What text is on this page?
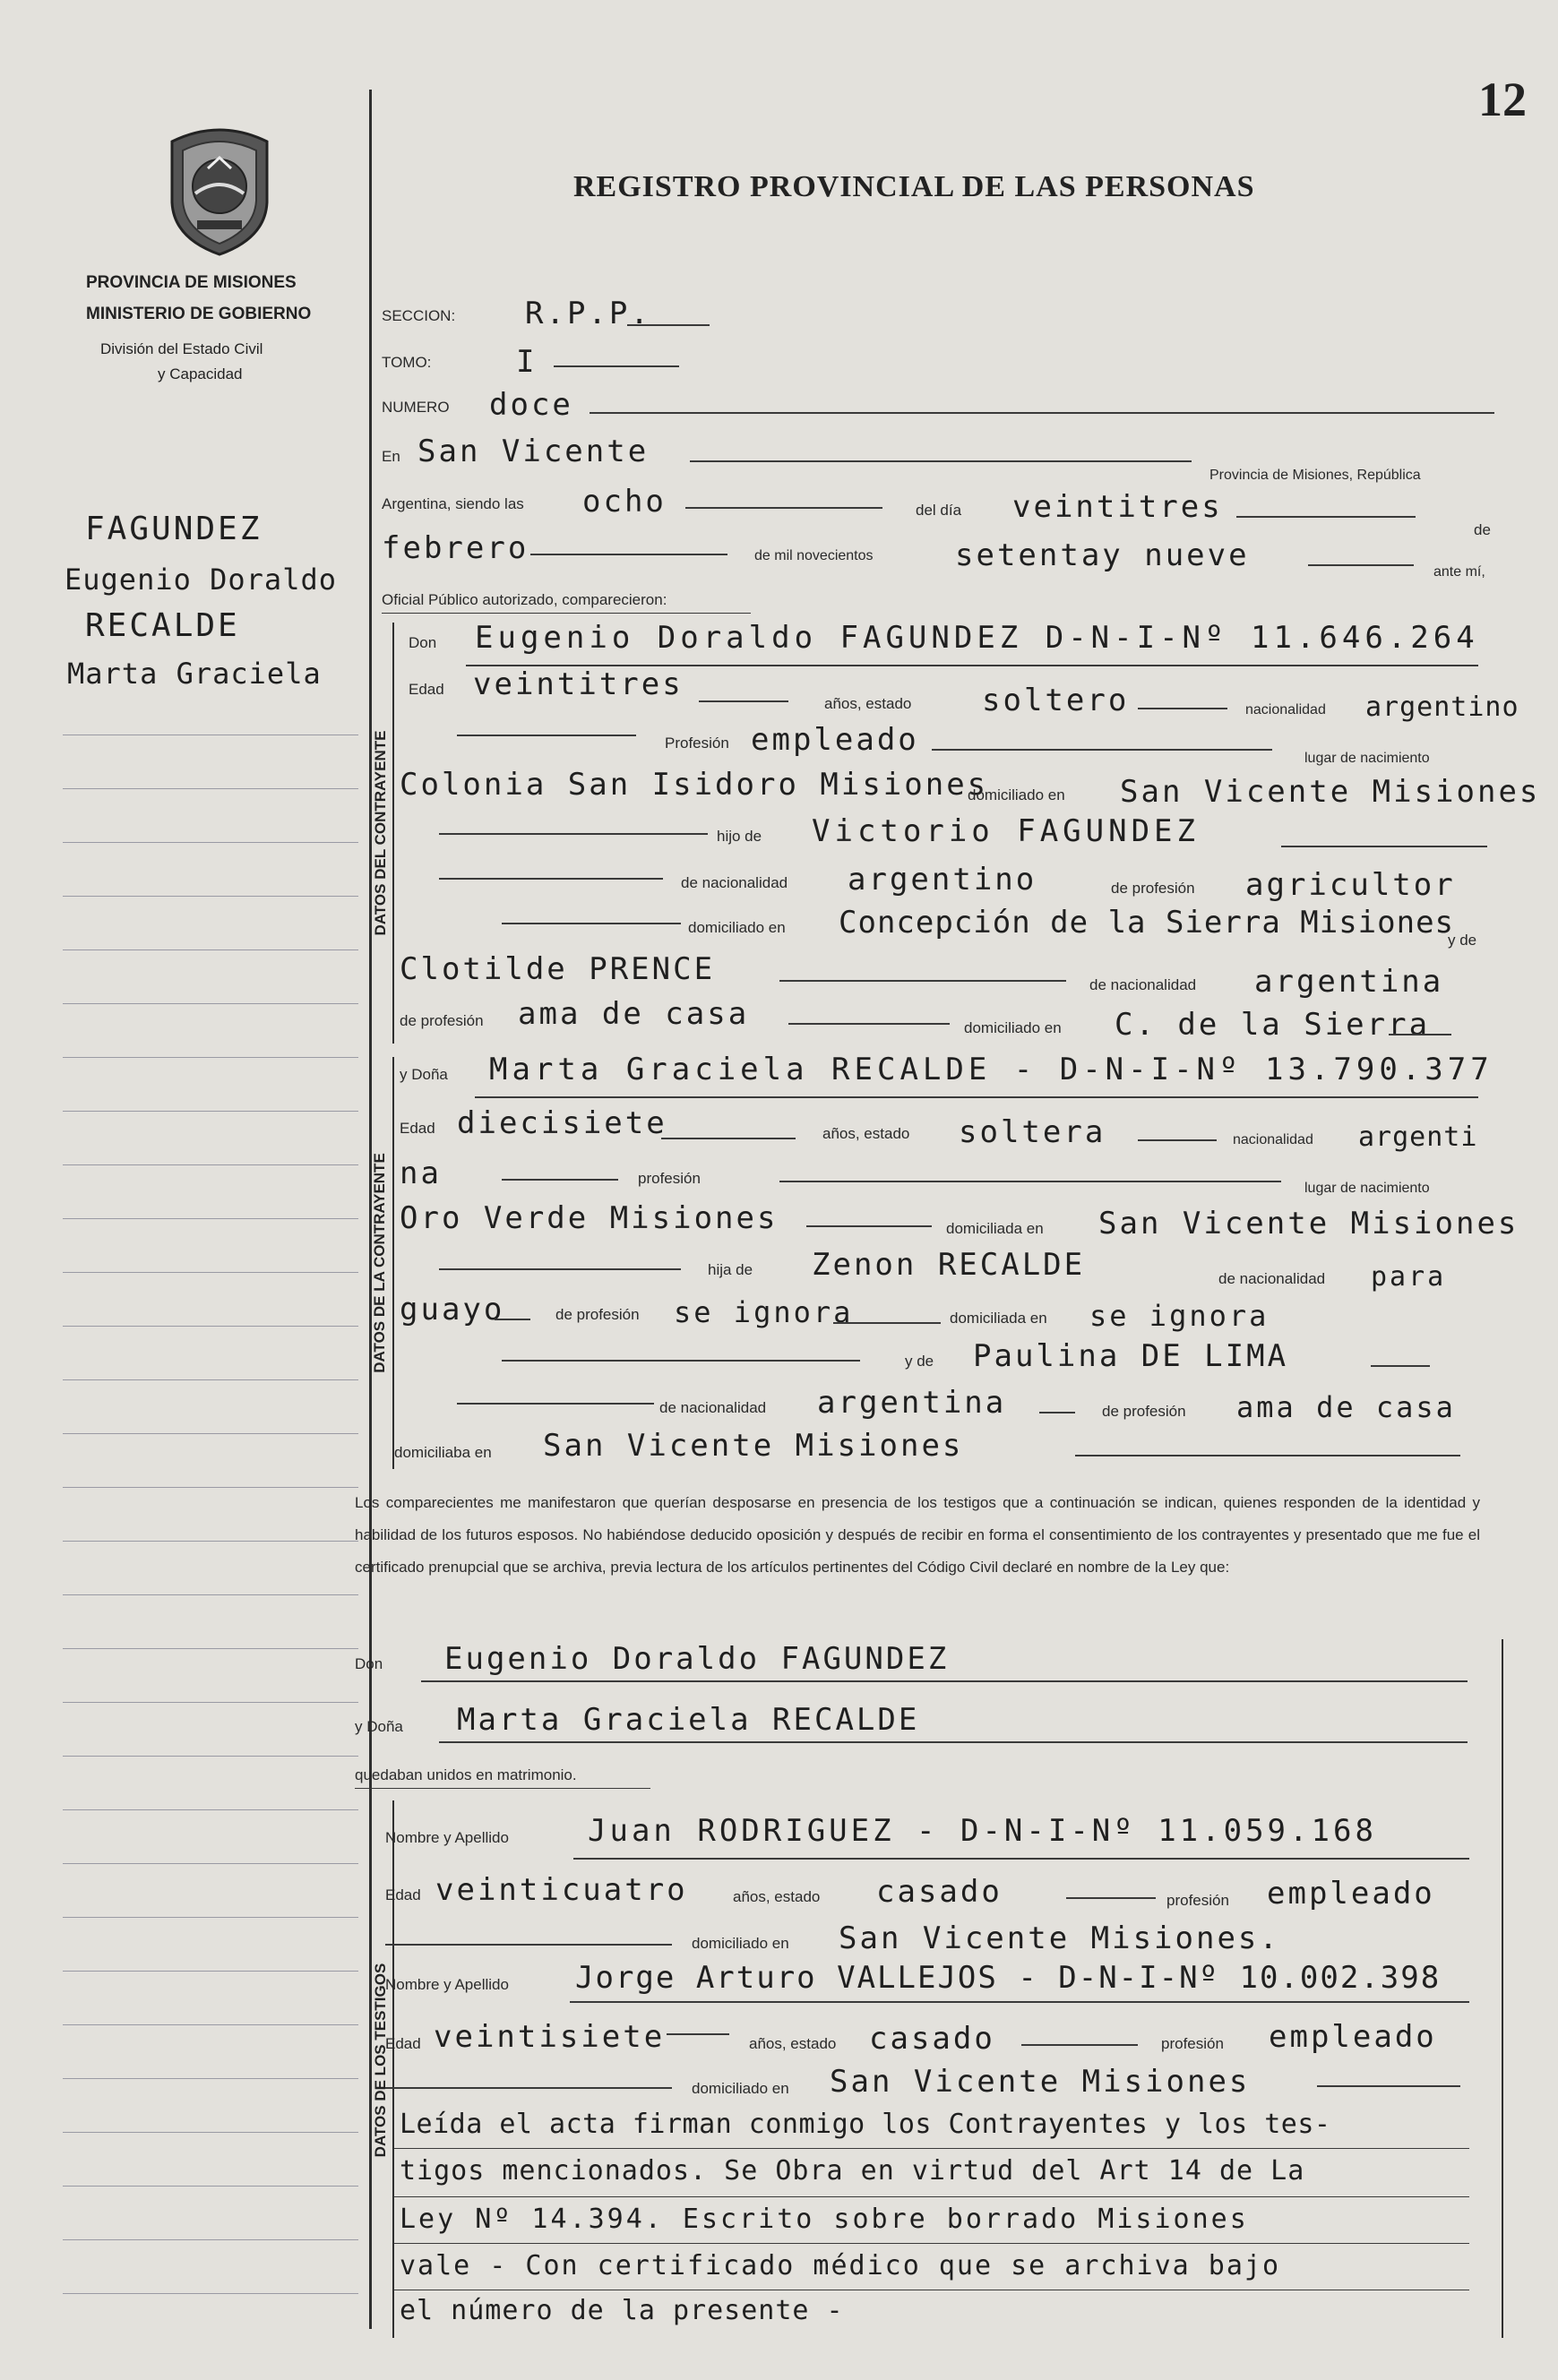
12
REGISTRO PROVINCIAL DE LAS PERSONAS
PROVINCIA DE MISIONES
MINISTERIO DE GOBIERNO
División del Estado Civil
y Capacidad
FAGUNDEZ
Eugenio Doraldo
RECALDE
Marta Graciela
DATOS DEL CONTRAYENTE
DATOS DE LA CONTRAYENTE
DATOS DE LOS TESTIGOS
SECCION: R.P.P.
TOMO:	I
NUMERO doce
En San Vicente
Provincia de Misiones, República
Argentina, siendo las ocho	del día veintitres
de
febrero	de mil novecientos	setentay nueve	ante mí,
Oficial Público autorizado, comparecieron:
Don Eugenio Doraldo FAGUNDEZ D-N-I-Nº 11.646.264
Edad veintitres
años, estado soltero	nacionalidad argentino
Profesión empleado
lugar de nacimiento
Colonia San Isidoro Misiones
domiciliado en San Vicente Misiones
hijo de Victorio FAGUNDEZ
de nacionalidad argentino	de profesión agricultor
domiciliado en Concepción de la Sierra Misiones
y de
Clotilde PRENCE	de nacionalidad argentina
de profesión ama de casa	domiciliado en C. de la Sierra
y Doña Marta Graciela RECALDE - D-N-I-Nº 13.790.377
Edad diecisiete	años, estado soltera	nacionalidad argenti
na	profesión
lugar de nacimiento
Oro Verde Misiones	domiciliada en San Vicente Misiones
hija de Zenon RECALDE	de nacionalidad para
guayo	de profesión se ignora	domiciliada en se ignora
y de Paulina DE LIMA
de nacionalidad argentina	de profesión ama de casa
domiciliaba en San Vicente Misiones
Los comparecientes me manifestaron que querían desposarse en presencia de los testigos que a continuación se indican, quienes responden de la identidad y habilidad de los futuros esposos. No habiéndose deducido oposición y después de recibir en forma el consentimiento de los contrayentes y presentado que me fue el certificado prenupcial que se archiva, previa lectura de los artículos pertinentes del Código Civil declaré en nombre de la Ley que:
Don Eugenio Doraldo FAGUNDEZ
y Doña Marta Graciela RECALDE
quedaban unidos en matrimonio.
Nombre y Apellido	Juan RODRIGUEZ - D-N-I-Nº 11.059.168
Edad veinticuatro	años, estado casado	profesión empleado
domiciliado en San Vicente Misiones.
Nombre y Apellido Jorge Arturo VALLEJOS - D-N-I-Nº 10.002.398
Edad veintisiete	años, estado casado	profesión empleado
domiciliado en San Vicente Misiones
Leída el acta firman conmigo los Contrayentes y los tes-
tigos mencionados. Se Obra en virtud del Art 14 de La
Ley Nº 14.394. Escrito sobre borrado Misiones
vale - Con certificado médico que se archiva bajo
el número de la presente -
